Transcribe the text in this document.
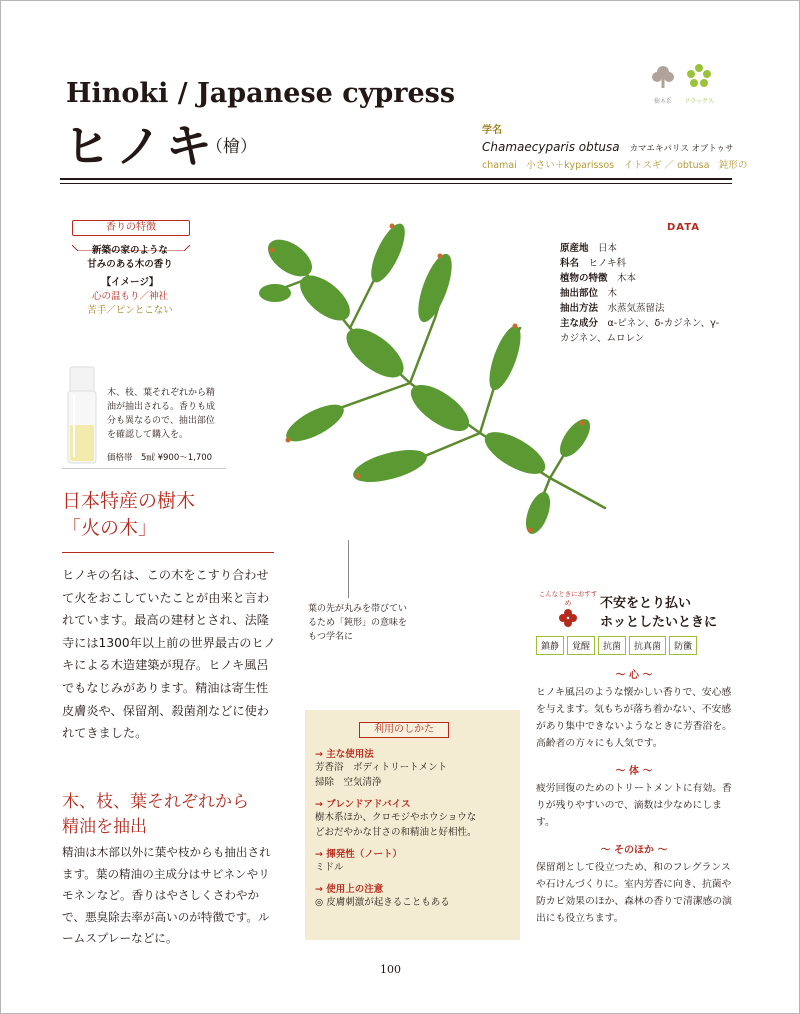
Hinoki / Japanese cypress
ヒノキ
（檜）
樹木系	リラックス
学名
Chamaecyparis obtusa カマエキパリス オブトゥサ
chamai　小さい＋kyparissos　イトスギ ／ obtusa　鈍形の
香りの特徴
新築の家のような
甘みのある木の香り
【イメージ】
心の温もり／神社
苦手／ピンとこない
木、枝、葉それぞれから精油が抽出される。香りも成分も異なるので、抽出部位を確認して購入を。
価格帯　5㎖ ¥900〜1,700
DATA
原産地　 日本
科名　 ヒノキ科
植物の特徴　 木本
抽出部位　 木
抽出方法　 水蒸気蒸留法
主な成分　 α-ピネン、δ-カジネン、γ-カジネン、ムロレン
日本特産の樹木
「火の木」
ヒノキの名は、この木をこすり合わせて火をおこしていたことが由来と言われています。最高の建材とされ、法隆寺には1300年以上前の世界最古のヒノキによる木造建築が現存。ヒノキ風呂でもなじみがあります。精油は寄生性皮膚炎や、保留剤、殺菌剤などに使われてきました。
木、枝、葉それぞれから
精油を抽出
精油は木部以外に葉や枝からも抽出されます。葉の精油の主成分はサビネンやリモネンなど。香りはやさしくさわやかで、悪臭除去率が高いのが特徴です。ルームスプレーなどに。
葉の先が丸みを帯びているため「鈍形」の意味をもつ学名に
利用のしかた
→ 主な使用法
芳香浴　ボディトリートメント
掃除　空気清浄
→ ブレンドアドバイス
樹木系ほか、クロモジやホウショウな
どおだやかな甘さの和精油と好相性。
→ 揮発性（ノート）
ミドル
→ 使用上の注意
◎ 皮膚刺激が起きることもある
こんなときにおすすめ	不安をとり払い
ホッとしたいときに
鎮静 覚醒 抗菌 抗真菌 防黴
〜 心 〜
ヒノキ風呂のような懐かしい香りで、安心感を与えます。気もちが落ち着かない、不安感があり集中できないようなときに芳香浴を。高齢者の方々にも人気です。
〜 体 〜
疲労回復のためのトリートメントに有効。香りが残りやすいので、滴数は少なめにします。
〜 そのほか 〜
保留剤として役立つため、和のフレグランスや石けんづくりに。室内芳香に向き、抗菌や防カビ効果のほか、森林の香りで清潔感の演出にも役立ちます。
100
